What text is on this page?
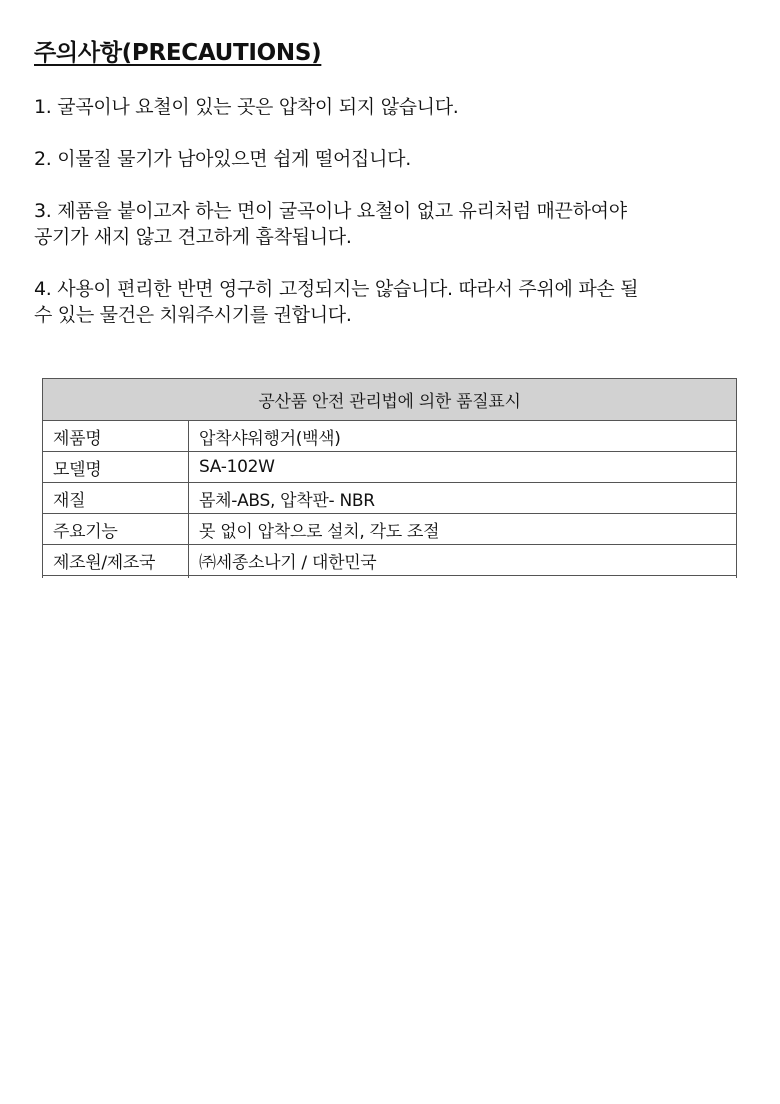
주의사항(PRECAUTIONS)

1. 굴곡이나 요철이 있는 곳은 압착이 되지 않습니다.

2. 이물질 물기가 남아있으면 쉽게 떨어집니다.

3. 제품을 붙이고자 하는 면이 굴곡이나 요철이 없고 유리처럼 매끈하여야
공기가 새지 않고 견고하게 흡착됩니다.

4. 사용이 편리한 반면 영구히 고정되지는 않습니다. 따라서 주위에 파손 될
수 있는 물건은 치워주시기를 권합니다.

공산품 안전 관리법에 의한 품질표시	
제품명	압착샤워행거(백색)
모델명	SA-102W
재질	몸체-ABS, 압착판- NBR
주요기능	못 없이 압착으로 설치, 각도 조절
제조원/제조국	㈜세종소나기 / 대한민국
